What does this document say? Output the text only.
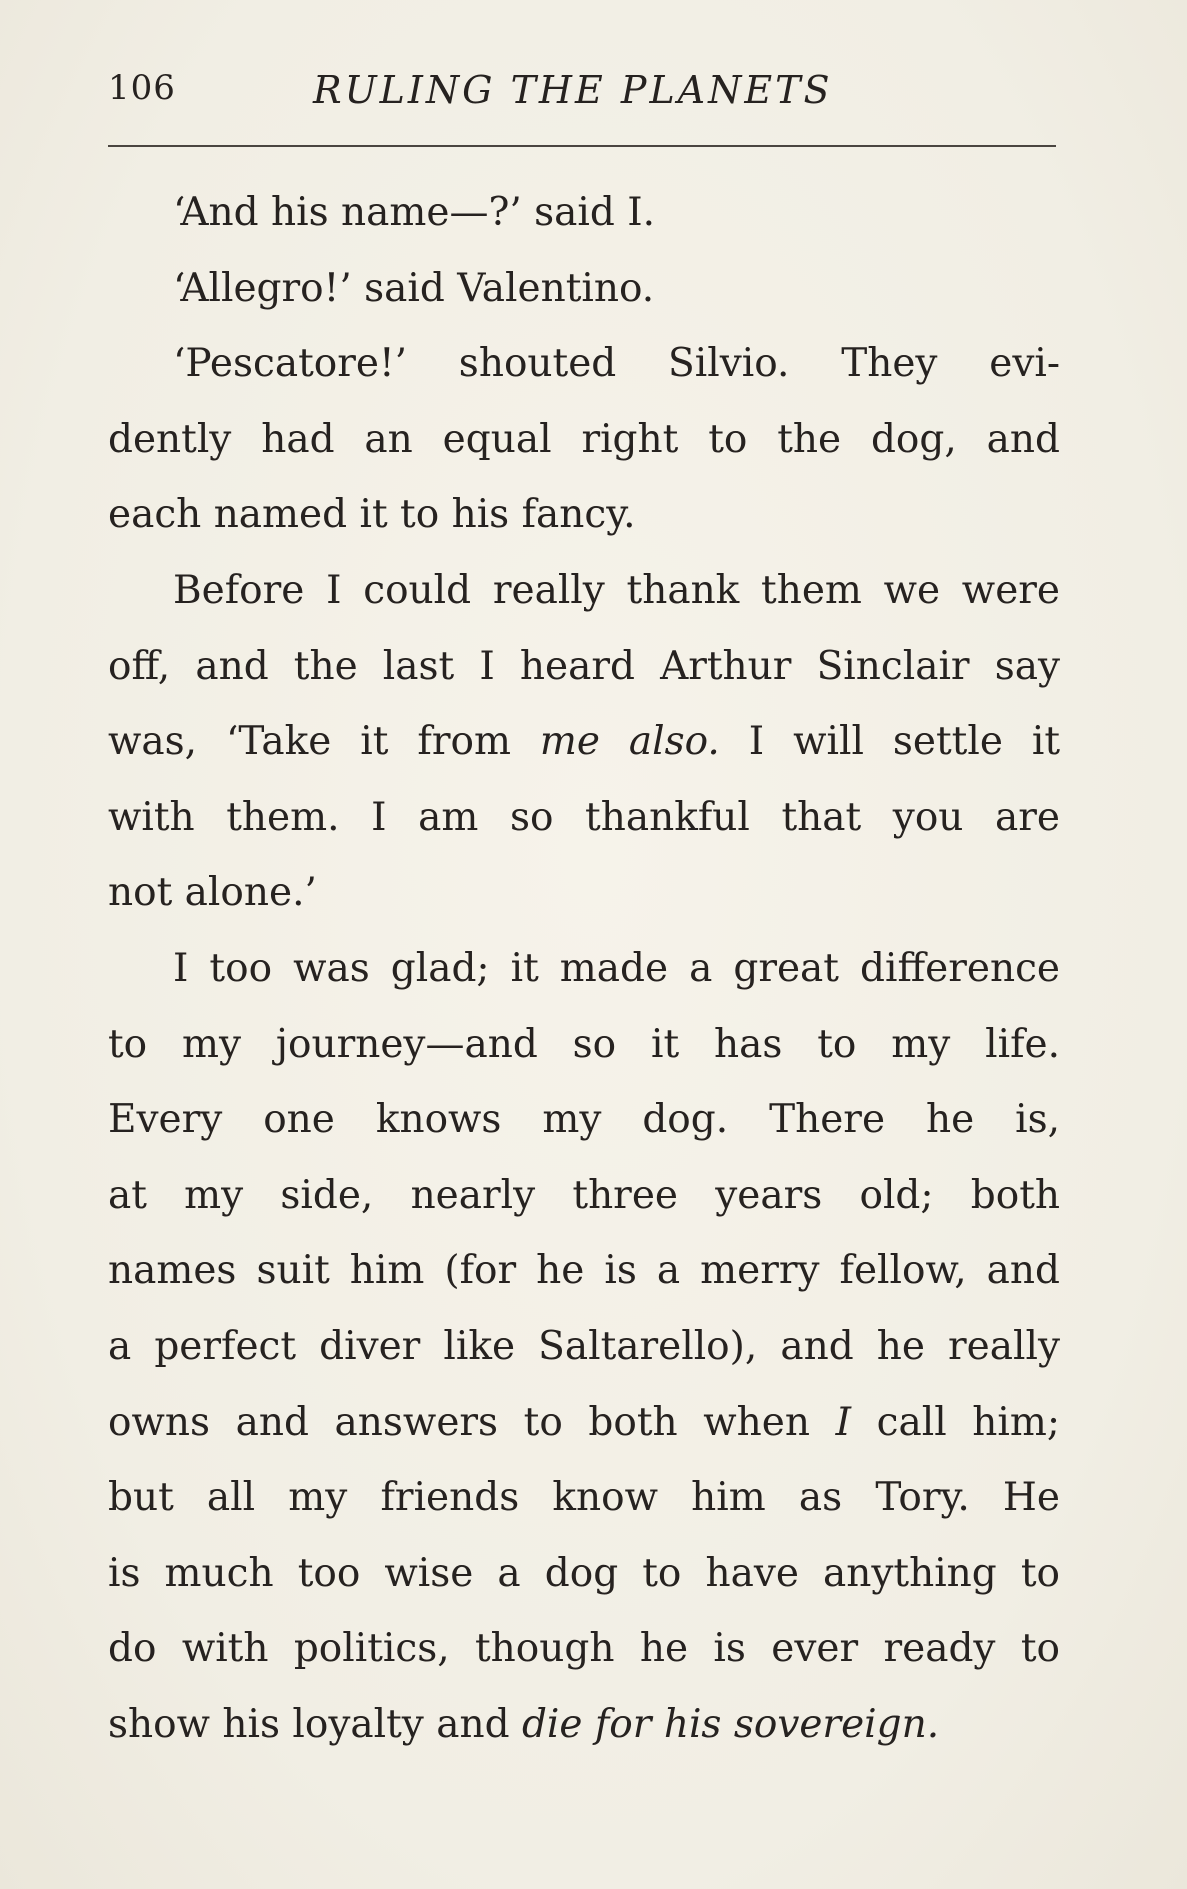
106	RULING THE PLANETS
‘And his name—?’ said I.
‘Allegro!’ said Valentino.
‘Pescatore!’ shouted Silvio. They evi-
dently had an equal right to the dog, and
each named it to his fancy.
Before I could really thank them we were
off, and the last I heard Arthur Sinclair say
was, ‘Take it from me also. I will settle it
with them. I am so thankful that you are
not alone.’
I too was glad; it made a great difference
to my journey—and so it has to my life.
Every one knows my dog. There he is,
at my side, nearly three years old; both
names suit him (for he is a merry fellow, and
a perfect diver like Saltarello), and he really
owns and answers to both when I call him;
but all my friends know him as Tory. He
is much too wise a dog to have anything to
do with politics, though he is ever ready to
show his loyalty and die for his sovereign.
